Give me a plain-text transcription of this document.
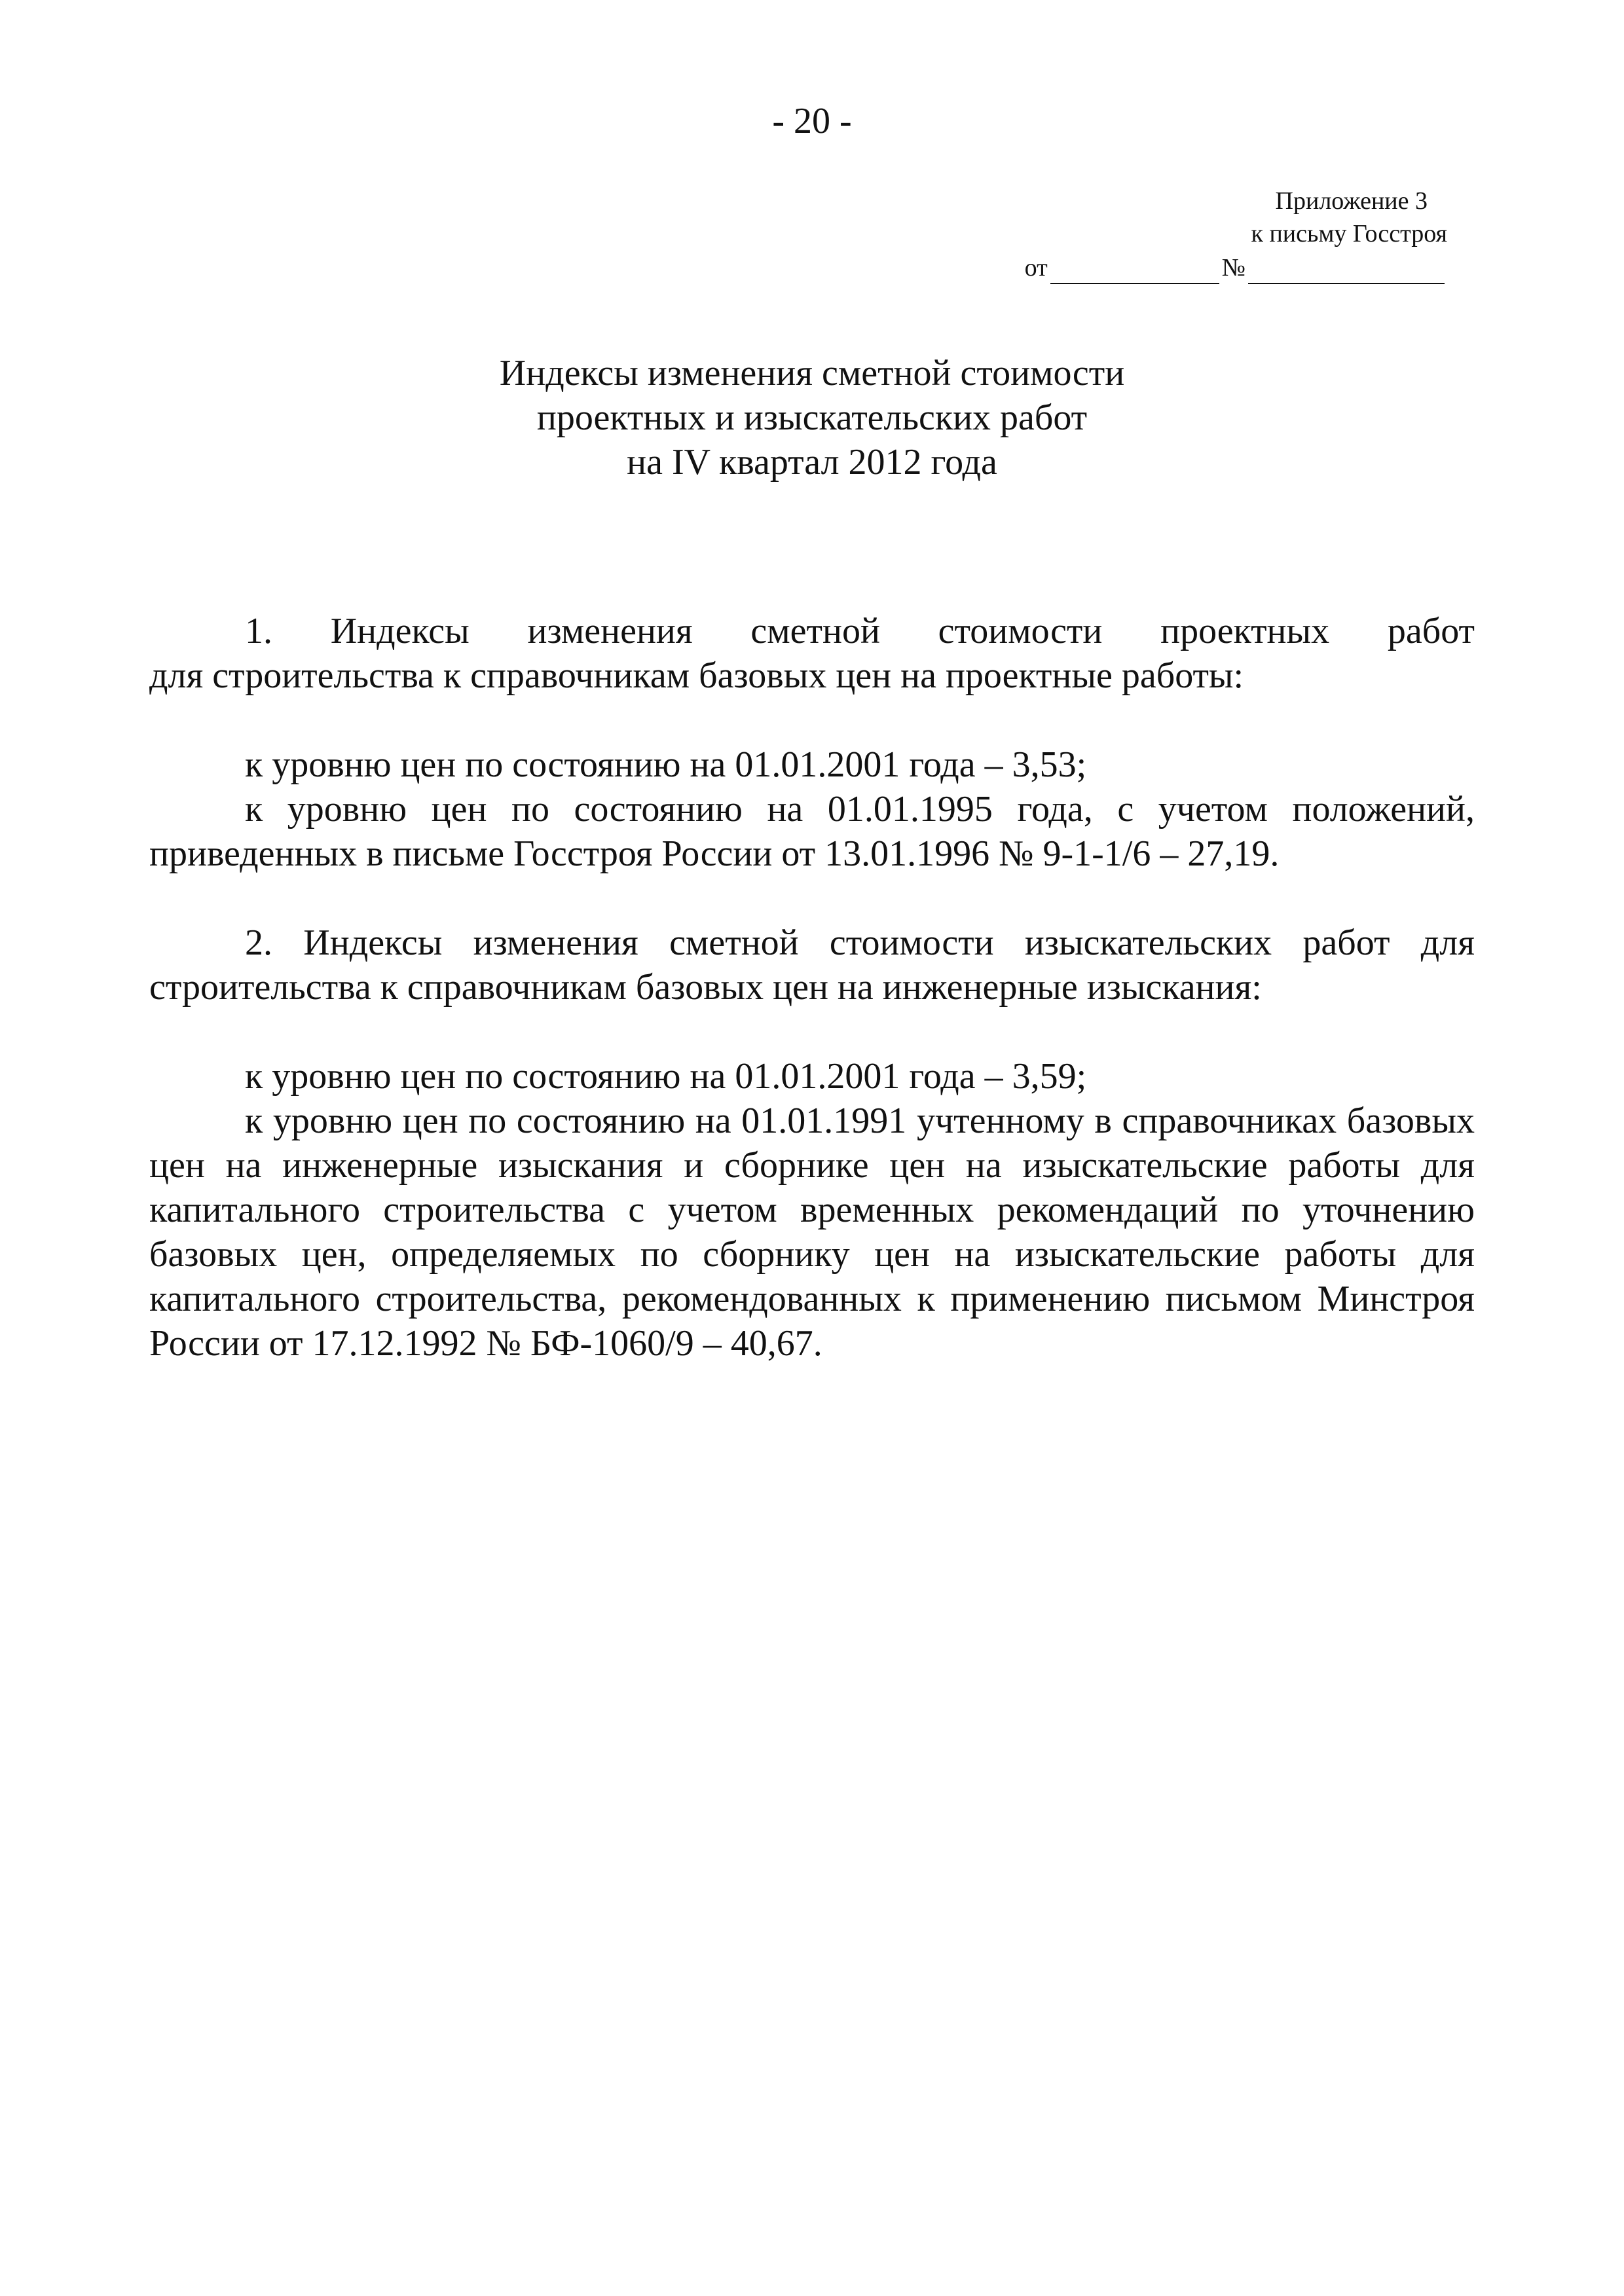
- 20 -
Приложение 3
к письму Госстроя
от	№
Индексы изменения сметной стоимости
проектных и изыскательских работ
на IV квартал 2012 года
1. Индексы изменения сметной стоимости проектных работ

для строительства к справочникам базовых цен на проектные работы:

к уровню цен по состоянию на 01.01.2001 года – 3,53;

к уровню цен по состоянию на 01.01.1995 года, с учетом положений, приведенных в письме Госстроя России от 13.01.1996 № 9-1-1/6 – 27,19.

2. Индексы изменения сметной стоимости изыскательских работ для строительства к справочникам базовых цен на инженерные изыскания:

к уровню цен по состоянию на 01.01.2001 года – 3,59;

к уровню цен по состоянию на 01.01.1991 учтенному в справочниках базовых цен на инженерные изыскания и сборнике цен на изыскательские работы для капитального строительства с учетом временных рекомендаций по уточнению базовых цен, определяемых по сборнику цен на изыскательские работы для капитального строительства, рекомендованных к применению письмом Минстроя России от 17.12.1992 № БФ-1060/9 – 40,67.
